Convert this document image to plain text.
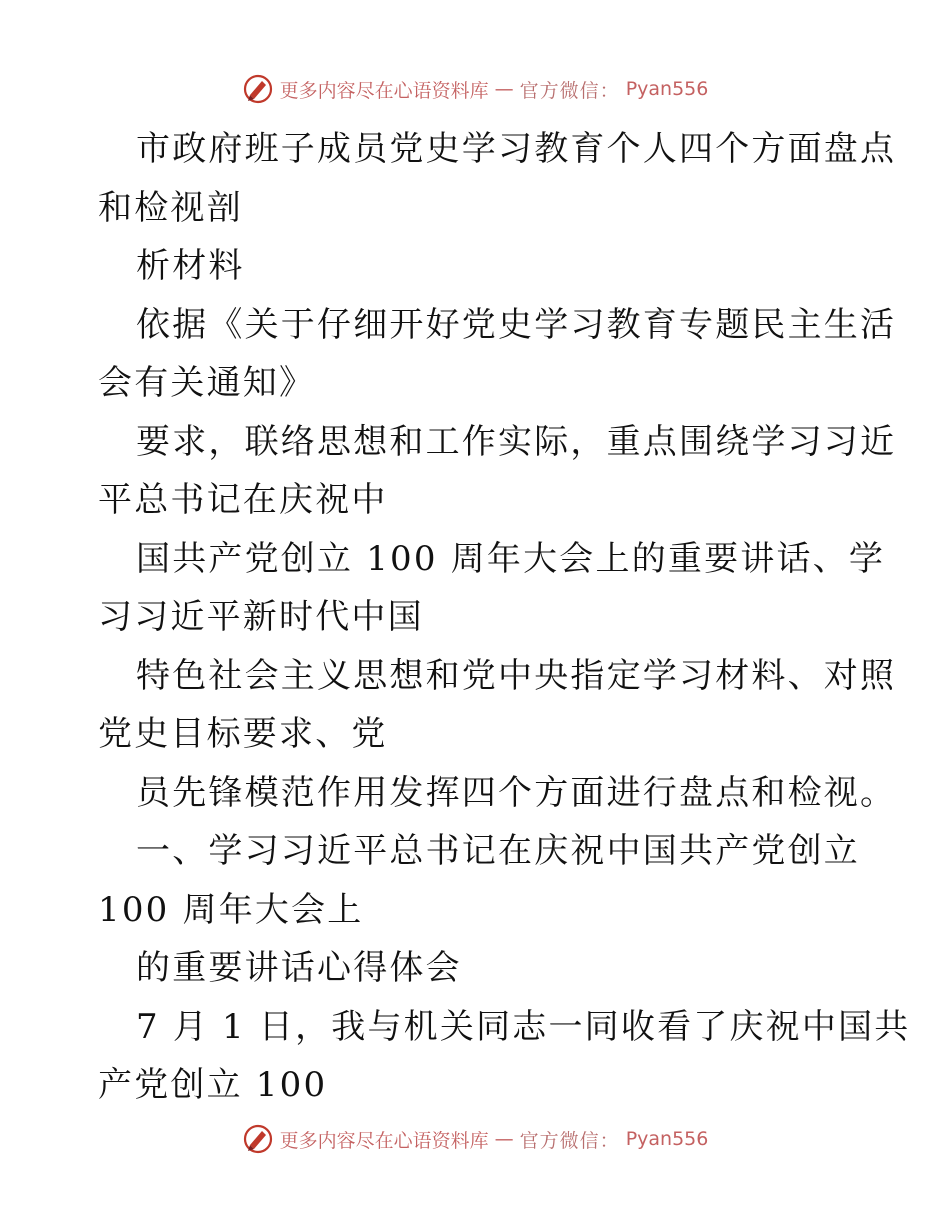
更多内容尽在心语资料库 — 官方微信： Pyan556
市政府班子成员党史学习教育个人四个方面盘点
和检视剖
析材料
依据《关于仔细开好党史学习教育专题民主生活
会有关通知》
要求，联络思想和工作实际，重点围绕学习习近
平总书记在庆祝中
国共产党创立 100 周年大会上的重要讲话、学
习习近平新时代中国
特色社会主义思想和党中央指定学习材料、对照
党史目标要求、党
员先锋模范作用发挥四个方面进行盘点和检视。
一、学习习近平总书记在庆祝中国共产党创立
100 周年大会上
的重要讲话心得体会
7 月 1 日，我与机关同志一同收看了庆祝中国共
产党创立 100
更多内容尽在心语资料库 — 官方微信： Pyan556
